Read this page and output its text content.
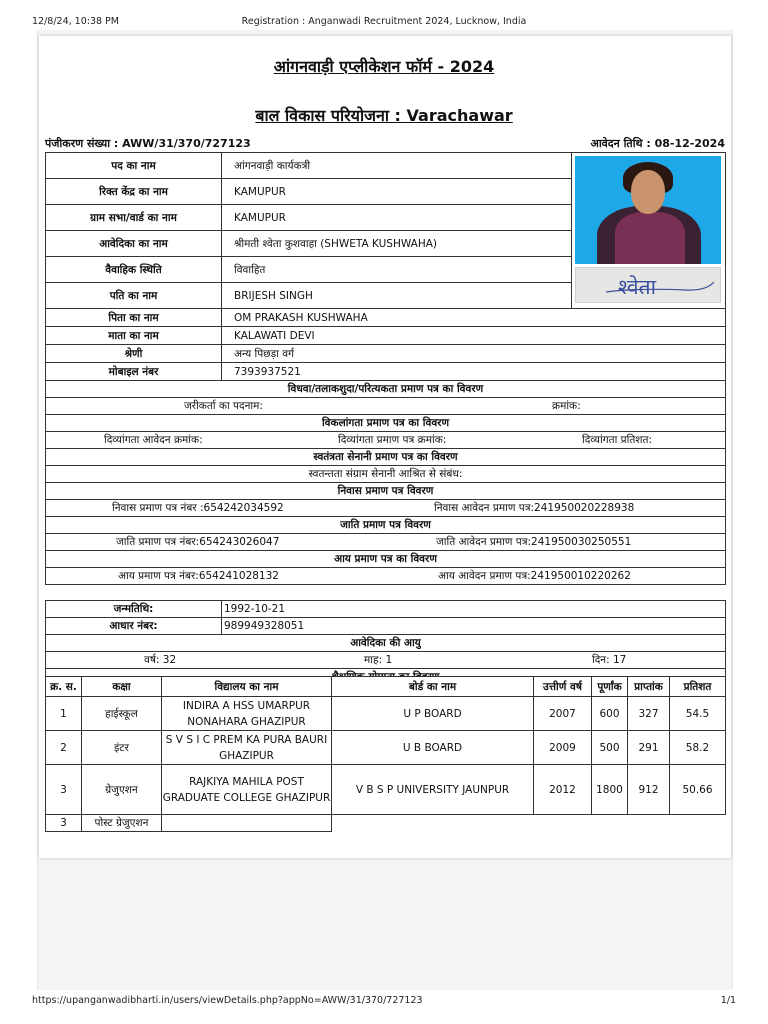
12/8/24, 10:38 PM	Registration : Anganwadi Recruitment 2024, Lucknow, India
आंगनवाड़ी एप्लीकेशन फॉर्म - 2024
बाल विकास परियोजना : Varachawar
पंजीकरण संख्या : AWW/31/370/727123	आवेदन तिथि : 08-12-2024
पद का नाम	आंगनवाड़ी कार्यकत्री	श्वेता

रिक्त केंद्र का नाम	KAMUPUR	
ग्राम सभा/वार्ड का नाम	KAMUPUR	
आवेदिका का नाम	श्रीमती श्वेता कुशवाहा (SHWETA KUSHWAHA)	
वैवाहिक स्थिति	विवाहित	
पति का नाम	BRIJESH SINGH	
पिता का नाम	OM PRAKASH KUSHWAHA	
माता का नाम	KALAWATI DEVI	
श्रेणी	अन्य पिछड़ा वर्ग	
मोबाइल नंबर	7393937521	
विधवा/तलाकशुदा/परित्यकता प्रमाण पत्र का विवरण		

जरीकर्ता का पदनाम: क्रमांक:		

विकलांगता प्रमाण पत्र का विवरण		

दिव्यांगता आवेदन क्रमांक: दिव्यांगता प्रमाण पत्र क्रमांक: दिव्यांगता प्रतिशत:		

स्वतंत्रता सेनानी प्रमाण पत्र का विवरण		
स्वतन्तता संग्राम सेनानी आश्रित से संबंध:		
निवास प्रमाण पत्र विवरण		

निवास प्रमाण पत्र नंबर :654242034592 निवास आवेदन प्रमाण पत्र:241950020228938		

जाति प्रमाण पत्र विवरण		

जाति प्रमाण पत्र नंबर:654243026047 जाति आवेदन प्रमाण पत्र:241950030250551		

आय प्रमाण पत्र का विवरण		

आय प्रमाण पत्र नंबर:654241028132 आय आवेदन प्रमाण पत्र:241950010220262		
जन्मतिथि:	1992-10-21
आधार नंबर:	989949328051
आवेदिका की आयु	

वर्ष: 32 माह: 1 दिन: 17	

क्र. स.	कक्षा	विद्यालय का नाम	बोर्ड का नाम	उत्तीर्ण वर्ष	पूर्णांक	प्राप्तांक	प्रतिशत
1	हाईस्कूल	INDIRA A HSS UMARPUR NONAHARA GHAZIPUR	U P BOARD	2007	600	327	54.5
2	इंटर	S V S I C PREM KA PURA BAURI GHAZIPUR	U B BOARD	2009	500	291	58.2
3	ग्रेजुएशन	RAJKIYA MAHILA POST GRADUATE COLLEGE GHAZIPUR	V B S P UNIVERSITY JAUNPUR	2012	1800	912	50.66
3	पोस्ट ग्रेजुएशन						
https://upanganwadibharti.in/users/viewDetails.php?appNo=AWW/31/370/727123	1/1
